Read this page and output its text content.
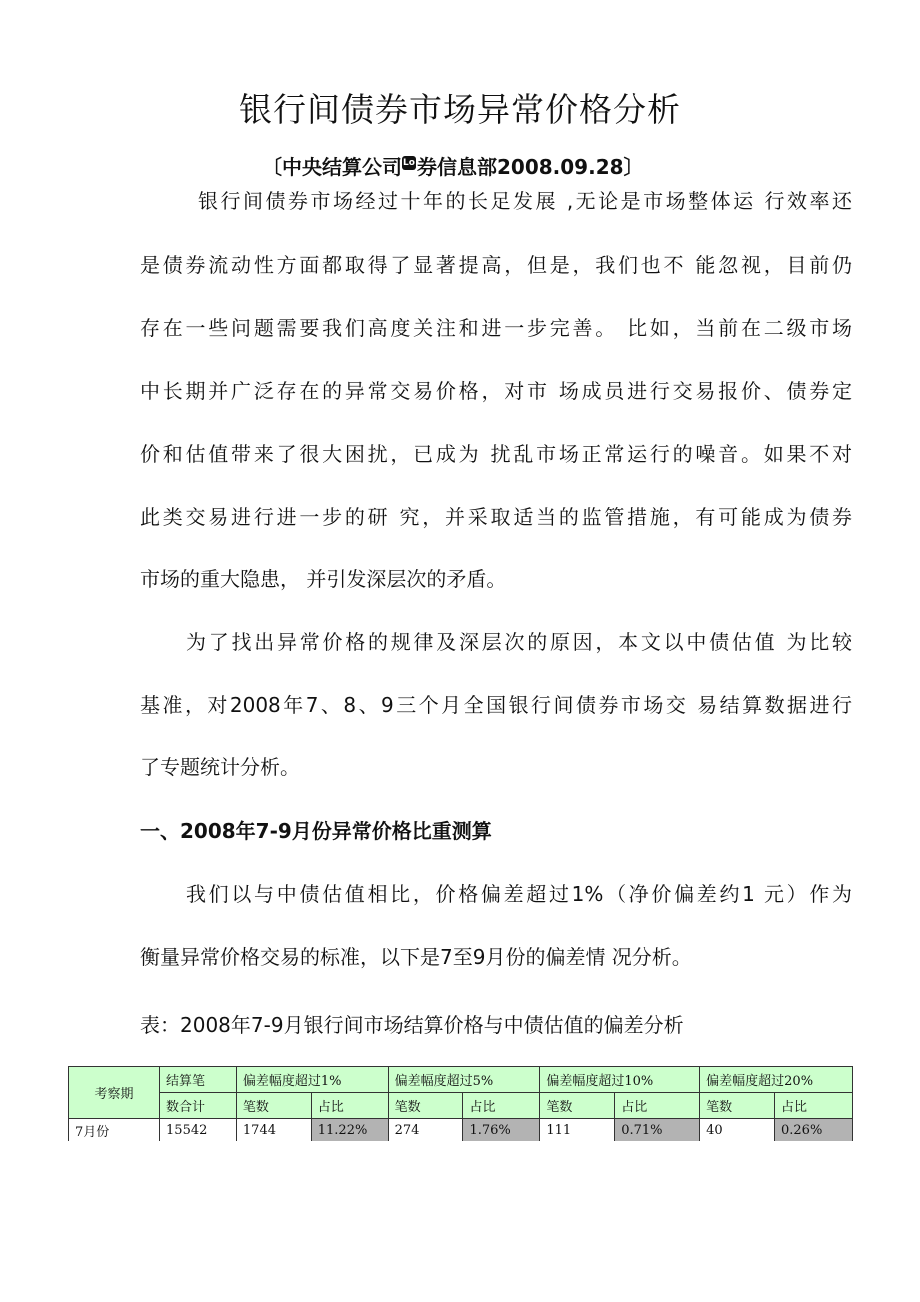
银行间债券市场异常价格分析
〔中央结算公司Lo 券信息部2008.09.28〕
银行间债券市场经过十年的长足发展 ,无论是市场整体运 行效率还
是债券流动性方面都取得了显著提高，但是，我们也不 能忽视，目前仍
存在一些问题需要我们高度关注和进一步完善。 比如，当前在二级市场
中长期并广泛存在的异常交易价格，对市 场成员进行交易报价、债券定
价和估值带来了很大困扰，已成为 扰乱市场正常运行的噪音。如果不对
此类交易进行进一步的研 究，并采取适当的监管措施，有可能成为债券
市场的重大隐患， 并引发深层次的矛盾。
为了找出异常价格的规律及深层次的原因，本文以中债估值 为比较
基准，对2008年7、8、9三个月全国银行间债券市场交 易结算数据进行
了专题统计分析。
一、2008年7-9月份异常价格比重测算
我们以与中债估值相比，价格偏差超过1%（净价偏差约1 元）作为
衡量异常价格交易的标准，以下是7至9月份的偏差情 况分析。
表：2008年7-9月银行间市场结算价格与中债估值的偏差分析
考察期	结算笔	偏差幅度超过1%		偏差幅度超过5%		偏差幅度超过10%		偏差幅度超过20%	
	数合计	笔数	占比	笔数	占比	笔数	占比	笔数	占比
7月份	15542	1744	11.22%	274	1.76%	111	0.71%	40	0.26%
